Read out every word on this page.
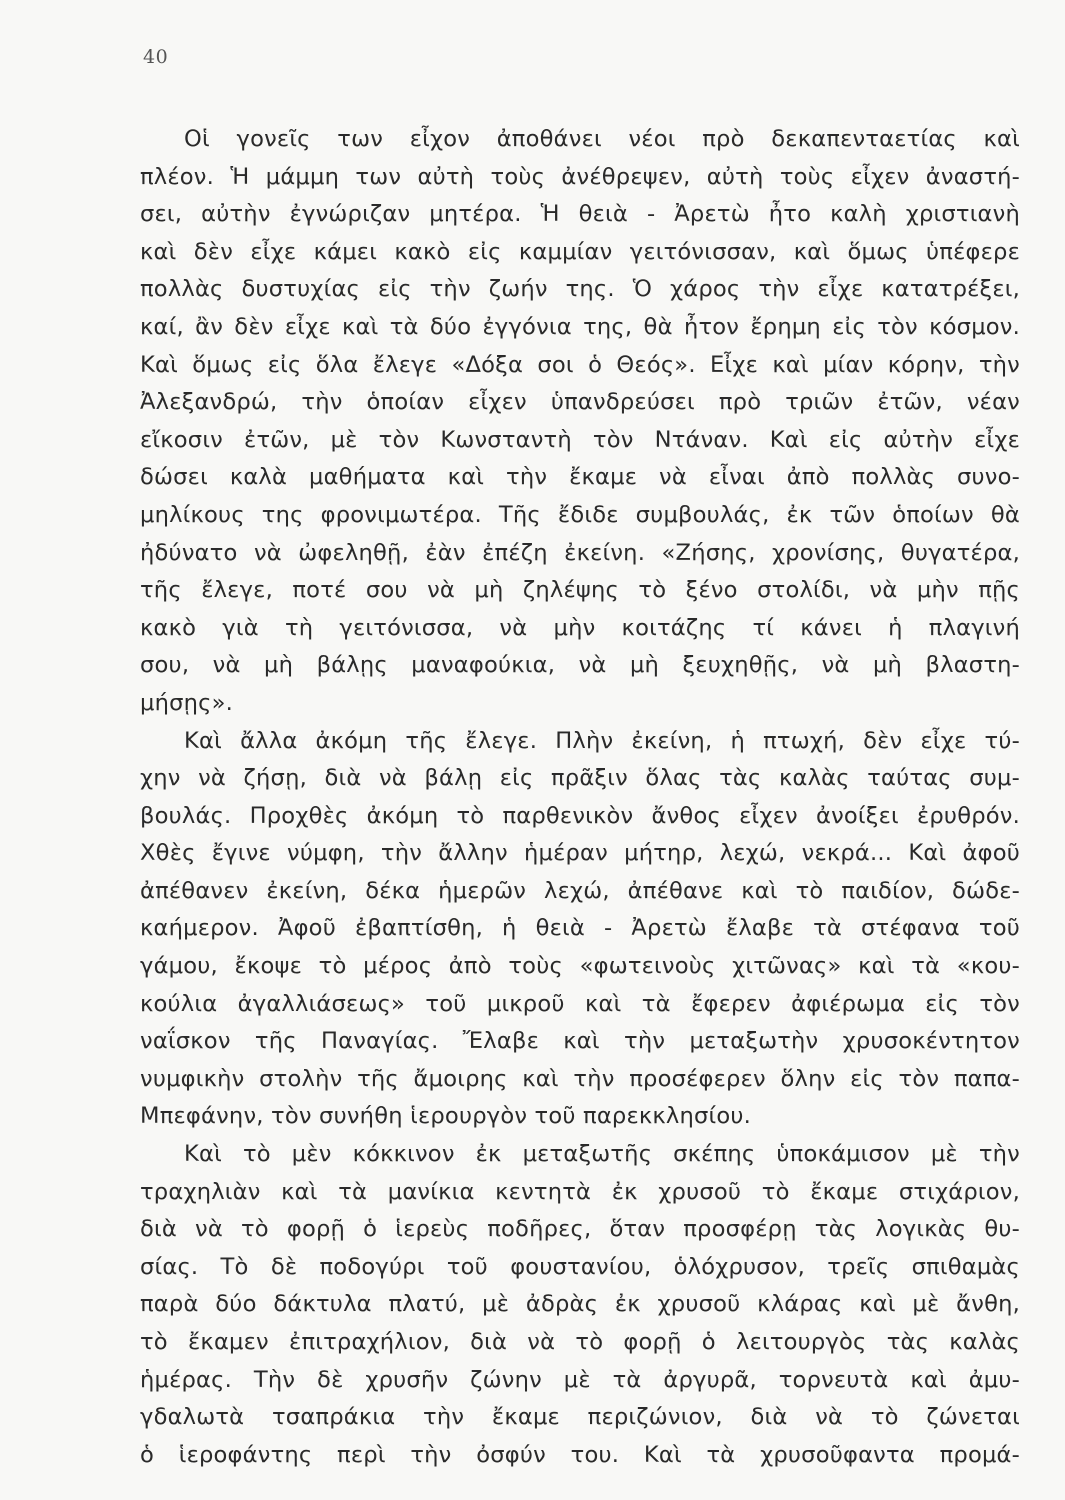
40
Οἱ γονεῖς των εἶχον ἀποθάνει νέοι πρὸ δεκαπενταετίας καὶ
πλέον. Ἡ μάμμη των αὐτὴ τοὺς ἀνέθρεψεν, αὐτὴ τοὺς εἶχεν ἀναστή-
σει, αὐτὴν ἐγνώριζαν μητέρα. Ἡ θειὰ - Ἀρετὼ ἦτο καλὴ χριστιανὴ
καὶ δὲν εἶχε κάμει κακὸ εἰς καμμίαν γειτόνισσαν, καὶ ὅμως ὑπέφερε
πολλὰς δυστυχίας εἰς τὴν ζωήν της. Ὁ χάρος τὴν εἶχε κατατρέξει,
καί, ἂν δὲν εἶχε καὶ τὰ δύο ἐγγόνια της, θὰ ἦτον ἔρημη εἰς τὸν κόσμον.
Καὶ ὅμως εἰς ὅλα ἔλεγε «Δόξα σοι ὁ Θεός». Εἶχε καὶ μίαν κόρην, τὴν
Ἀλεξανδρώ, τὴν ὁποίαν εἶχεν ὑπανδρεύσει πρὸ τριῶν ἐτῶν, νέαν
εἴκοσιν ἐτῶν, μὲ τὸν Κωνσταντὴ τὸν Ντάναν. Καὶ εἰς αὐτὴν εἶχε
δώσει καλὰ μαθήματα καὶ τὴν ἔκαμε νὰ εἶναι ἀπὸ πολλὰς συνο-
μηλίκους της φρονιμωτέρα. Τῆς ἔδιδε συμβουλάς, ἐκ τῶν ὁποίων θὰ
ἠδύνατο νὰ ὠφεληθῇ, ἐὰν ἐπέζη ἐκείνη. «Ζήσης, χρονίσης, θυγατέρα,
τῆς ἔλεγε, ποτέ σου νὰ μὴ ζηλέψης τὸ ξένο στολίδι, νὰ μὴν πῇς
κακὸ γιὰ τὴ γειτόνισσα, νὰ μὴν κοιτάζης τί κάνει ἡ πλαγινή
σου, νὰ μὴ βάλῃς μαναφούκια, νὰ μὴ ξευχηθῇς, νὰ μὴ βλαστη-
μήσῃς».
Καὶ ἄλλα ἀκόμη τῆς ἔλεγε. Πλὴν ἐκείνη, ἡ πτωχή, δὲν εἶχε τύ-
χην νὰ ζήσῃ, διὰ νὰ βάλῃ εἰς πρᾶξιν ὅλας τὰς καλὰς ταύτας συμ-
βουλάς. Προχθὲς ἀκόμη τὸ παρθενικὸν ἄνθος εἶχεν ἀνοίξει ἐρυθρόν.
Χθὲς ἔγινε νύμφη, τὴν ἄλλην ἡμέραν μήτηρ, λεχώ, νεκρά... Καὶ ἀφοῦ
ἀπέθανεν ἐκείνη, δέκα ἡμερῶν λεχώ, ἀπέθανε καὶ τὸ παιδίον, δώδε-
καήμερον. Ἀφοῦ ἐβαπτίσθη, ἡ θειὰ - Ἀρετὼ ἔλαβε τὰ στέφανα τοῦ
γάμου, ἔκοψε τὸ μέρος ἀπὸ τοὺς «φωτεινοὺς χιτῶνας» καὶ τὰ «κου-
κούλια ἀγαλλιάσεως» τοῦ μικροῦ καὶ τὰ ἔφερεν ἀφιέρωμα εἰς τὸν
ναΐσκον τῆς Παναγίας. Ἔλαβε καὶ τὴν μεταξωτὴν χρυσοκέντητον
νυμφικὴν στολὴν τῆς ἄμοιρης καὶ τὴν προσέφερεν ὅλην εἰς τὸν παπα-
Μπεφάνην, τὸν συνήθη ἱερουργὸν τοῦ παρεκκλησίου.
Καὶ τὸ μὲν κόκκινον ἐκ μεταξωτῆς σκέπης ὑποκάμισον μὲ τὴν
τραχηλιὰν καὶ τὰ μανίκια κεντητὰ ἐκ χρυσοῦ τὸ ἔκαμε στιχάριον,
διὰ νὰ τὸ φορῇ ὁ ἱερεὺς ποδῆρες, ὅταν προσφέρῃ τὰς λογικὰς θυ-
σίας. Τὸ δὲ ποδογύρι τοῦ φουστανίου, ὁλόχρυσον, τρεῖς σπιθαμὰς
παρὰ δύο δάκτυλα πλατύ, μὲ ἀδρὰς ἐκ χρυσοῦ κλάρας καὶ μὲ ἄνθη,
τὸ ἔκαμεν ἐπιτραχήλιον, διὰ νὰ τὸ φορῇ ὁ λειτουργὸς τὰς καλὰς
ἡμέρας. Τὴν δὲ χρυσῆν ζώνην μὲ τὰ ἀργυρᾶ, τορνευτὰ καὶ ἀμυ-
γδαλωτὰ τσαπράκια τὴν ἔκαμε περιζώνιον, διὰ νὰ τὸ ζώνεται
ὁ ἱεροφάντης περὶ τὴν ὀσφύν του. Καὶ τὰ χρυσοῦφαντα προμά-
